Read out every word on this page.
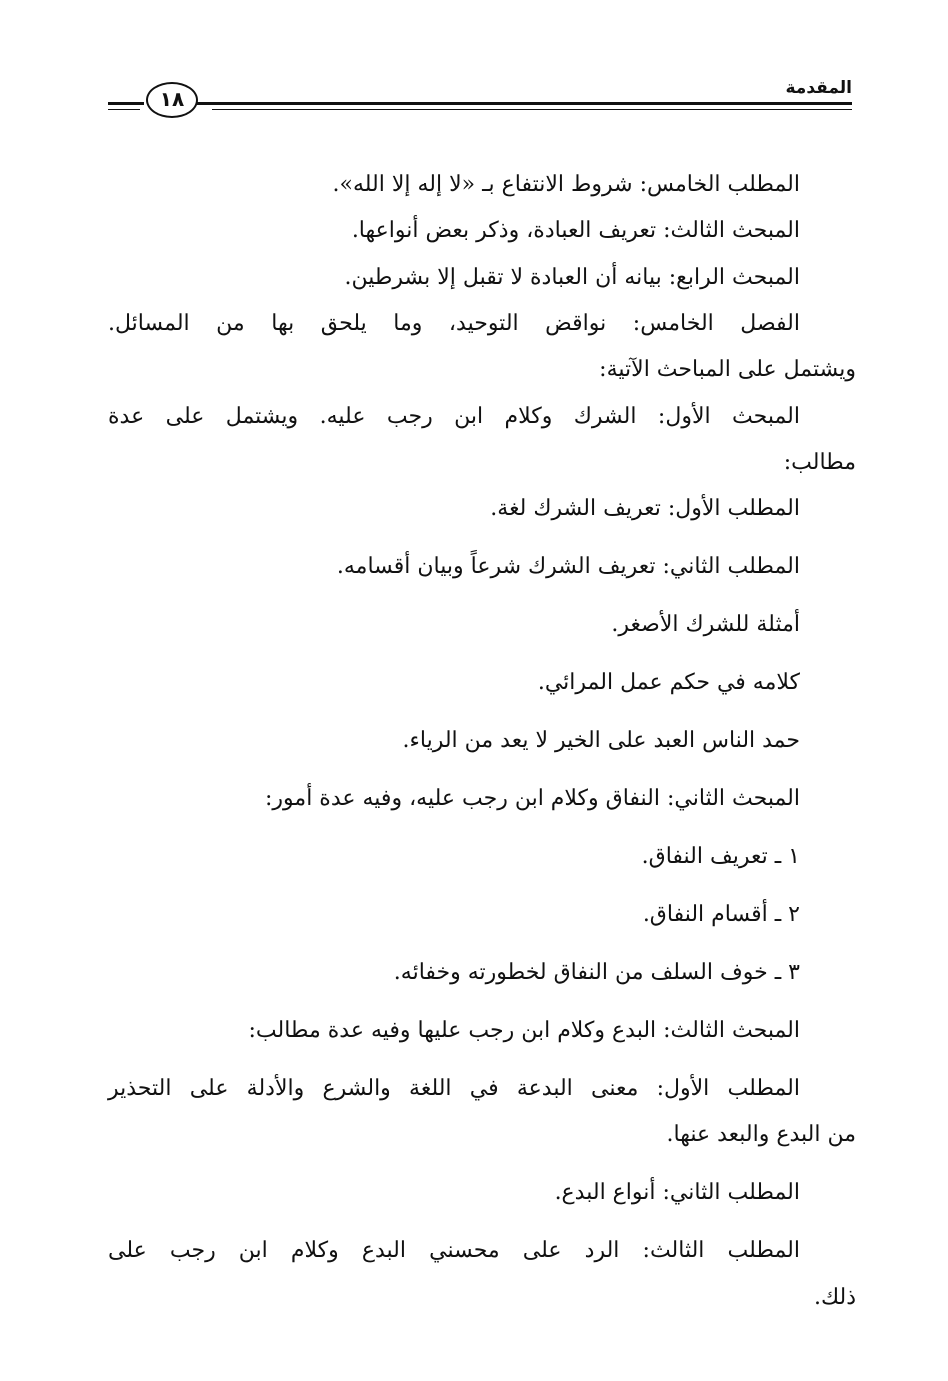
المقدمة
١٨
المطلب الخامس: شروط الانتفاع بـ «لا إله إلا الله».
المبحث الثالث: تعريف العبادة، وذكر بعض أنواعها.
المبحث الرابع: بيانه أن العبادة لا تقبل إلا بشرطين.
الفصل الخامس: نواقض التوحيد، وما يلحق بها من المسائل.
ويشتمل على المباحث الآتية:
المبحث الأول: الشرك وكلام ابن رجب عليه. ويشتمل على عدة
مطالب:
المطلب الأول: تعريف الشرك لغة.
المطلب الثاني: تعريف الشرك شرعاً وبيان أقسامه.
أمثلة للشرك الأصغر.
كلامه في حكم عمل المرائي.
حمد الناس العبد على الخير لا يعد من الرياء.
المبحث الثاني: النفاق وكلام ابن رجب عليه، وفيه عدة أمور:
١ ـ تعريف النفاق.
٢ ـ أقسام النفاق.
٣ ـ خوف السلف من النفاق لخطورته وخفائه.
المبحث الثالث: البدع وكلام ابن رجب عليها وفيه عدة مطالب:
المطلب الأول: معنى البدعة في اللغة والشرع والأدلة على التحذير
من البدع والبعد عنها.
المطلب الثاني: أنواع البدع.
المطلب الثالث: الرد على محسني البدع وكلام ابن رجب على
ذلك.
